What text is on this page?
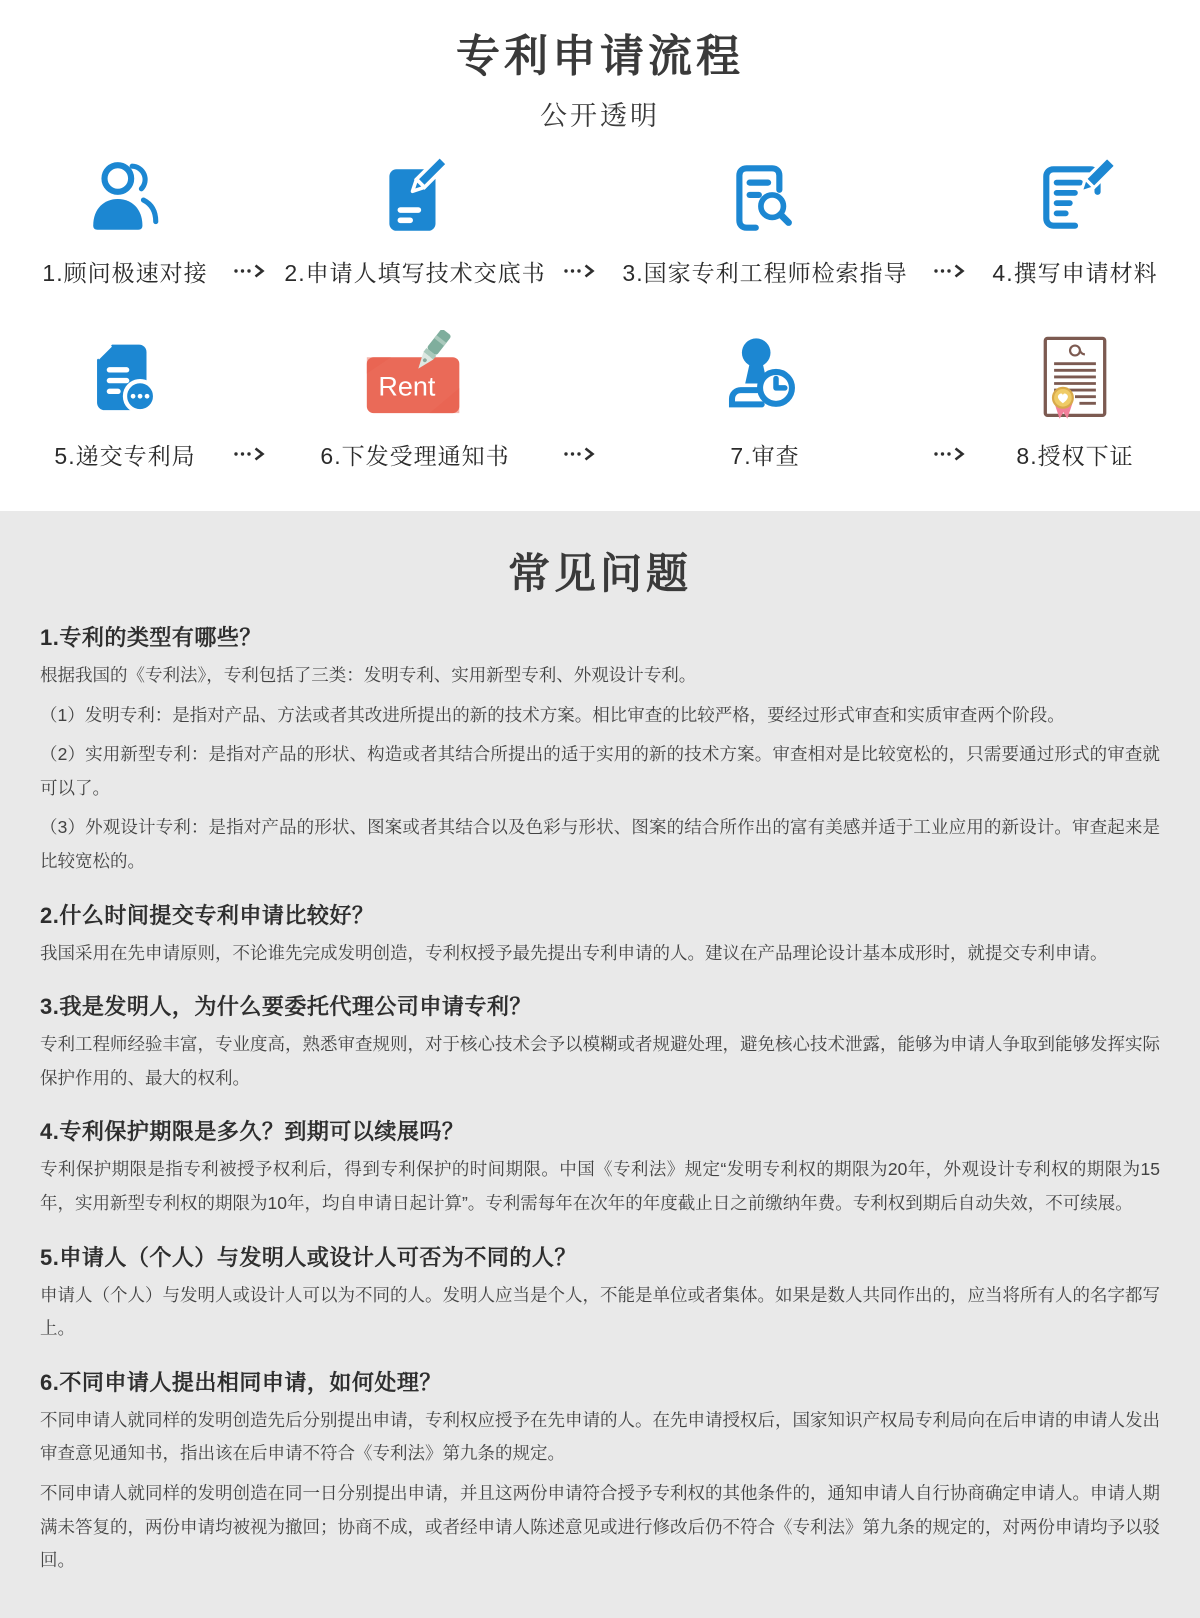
专利申请流程
公开透明
1.顾问极速对接	2.申请人填写技术交底书	3.国家专利工程师检索指导	4.撰写申请材料
5.递交专利局
Rent
6.下发受理通知书	7.审查	8.授权下证
常见问题
1.专利的类型有哪些？

根据我国的《专利法》，专利包括了三类：发明专利、实用新型专利、外观设计专利。

（1）发明专利：是指对产品、方法或者其改进所提出的新的技术方案。相比审查的比较严格，要经过形式审查和实质审查两个阶段。

（2）实用新型专利：是指对产品的形状、构造或者其结合所提出的适于实用的新的技术方案。审查相对是比较宽松的，只需要通过形式的审查就可以了。

（3）外观设计专利：是指对产品的形状、图案或者其结合以及色彩与形状、图案的结合所作出的富有美感并适于工业应用的新设计。审查起来是比较宽松的。

2.什么时间提交专利申请比较好？

我国采用在先申请原则，不论谁先完成发明创造，专利权授予最先提出专利申请的人。建议在产品理论设计基本成形时，就提交专利申请。

3.我是发明人，为什么要委托代理公司申请专利？

专利工程师经验丰富，专业度高，熟悉审查规则，对于核心技术会予以模糊或者规避处理，避免核心技术泄露，能够为申请人争取到能够发挥实际保护作用的、最大的权利。

4.专利保护期限是多久？到期可以续展吗？

专利保护期限是指专利被授予权利后，得到专利保护的时间期限。中国《专利法》规定“发明专利权的期限为20年，外观设计专利权的期限为15年，实用新型专利权的期限为10年，均自申请日起计算”。专利需每年在次年的年度截止日之前缴纳年费。专利权到期后自动失效，不可续展。

5.申请人（个人）与发明人或设计人可否为不同的人？

申请人（个人）与发明人或设计人可以为不同的人。发明人应当是个人，不能是单位或者集体。如果是数人共同作出的，应当将所有人的名字都写上。

6.不同申请人提出相同申请，如何处理？

不同申请人就同样的发明创造先后分别提出申请，专利权应授予在先申请的人。在先申请授权后，国家知识产权局专利局向在后申请的申请人发出审查意见通知书，指出该在后申请不符合《专利法》第九条的规定。

不同申请人就同样的发明创造在同一日分别提出申请，并且这两份申请符合授予专利权的其他条件的，通知申请人自行协商确定申请人。申请人期满未答复的，两份申请均被视为撤回；协商不成，或者经申请人陈述意见或进行修改后仍不符合《专利法》第九条的规定的，对两份申请均予以驳回。
